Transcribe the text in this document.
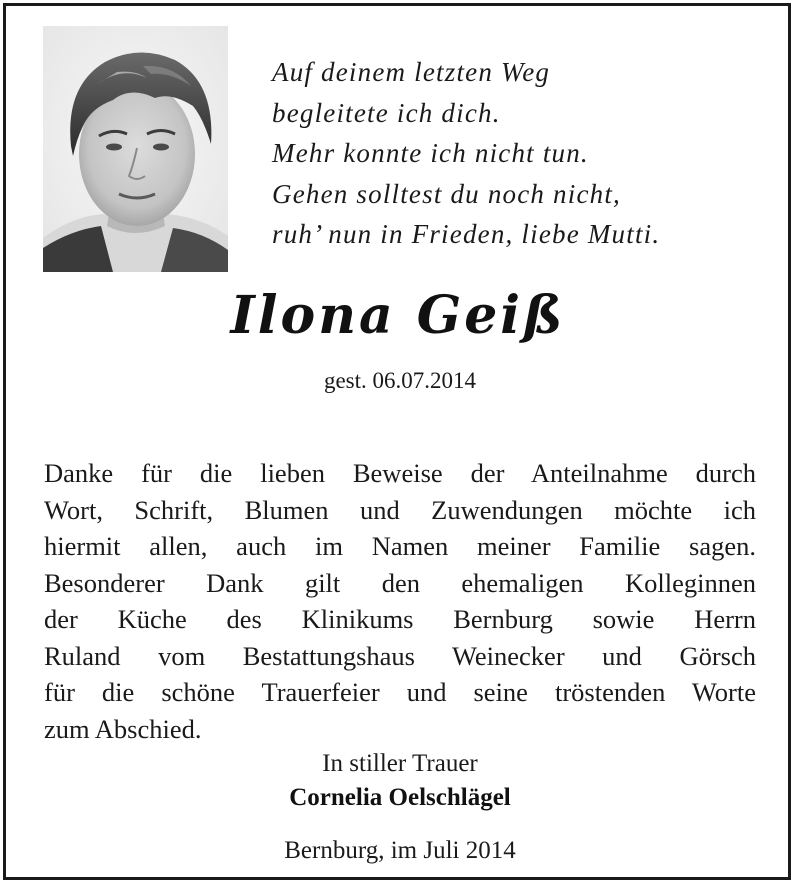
Auf deinem letzten Weg
begleitete ich dich.
Mehr konnte ich nicht tun.
Gehen solltest du noch nicht,
ruh’ nun in Frieden, liebe Mutti.
Ilona Geiß
gest. 06.07.2014
Danke für die lieben Beweise der Anteilnahme durch
Wort, Schrift, Blumen und Zuwendungen möchte ich
hiermit allen, auch im Namen meiner Familie sagen.
Besonderer Dank gilt den ehemaligen Kolleginnen
der Küche des Klinikums Bernburg sowie Herrn
Ruland vom Bestattungshaus Weinecker und Görsch
für die schöne Trauerfeier und seine tröstenden Worte
zum Abschied.
In stiller Trauer
Cornelia Oelschlägel
Bernburg, im Juli 2014
